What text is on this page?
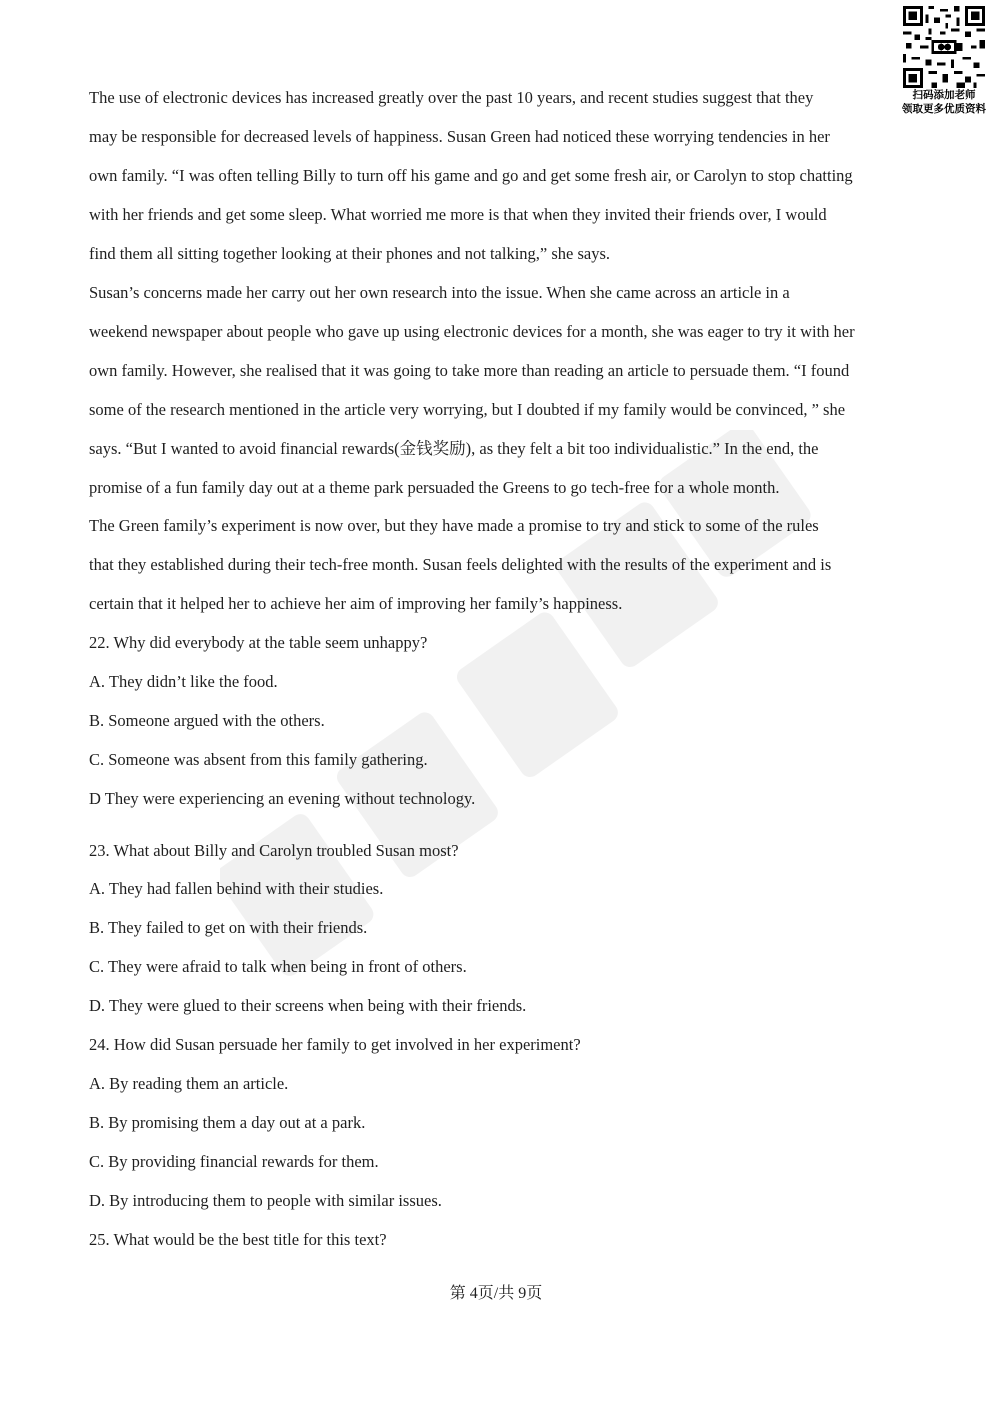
扫码添加老师
领取更多优质资料

The use of electronic devices has increased greatly over the past 10 years, and recent studies suggest that they
may be responsible for decreased levels of happiness. Susan Green had noticed these worrying tendencies in her
own family. “I was often telling Billy to turn off his game and go and get some fresh air, or Carolyn to stop chatting
with her friends and get some sleep. What worried me more is that when they invited their friends over, I would
find them all sitting together looking at their phones and not talking,” she says.

Susan’s concerns made her carry out her own research into the issue. When she came across an article in a
weekend newspaper about people who gave up using electronic devices for a month, she was eager to try it with her
own family. However, she realised that it was going to take more than reading an article to persuade them. “I found
some of the research mentioned in the article very worrying, but I doubted if my family would be convinced, ” she
says. “But I wanted to avoid financial rewards(金钱奖励), as they felt a bit too individualistic.” In the end, the
promise of a fun family day out at a theme park persuaded the Greens to go tech-free for a whole month.

The Green family’s experiment is now over, but they have made a promise to try and stick to some of the rules
that they established during their tech-free month. Susan feels delighted with the results of the experiment and is
certain that it helped her to achieve her aim of improving her family’s happiness.

22. Why did everybody at the table seem unhappy?

A. They didn’t like the food.

B. Someone argued with the others.

C. Someone was absent from this family gathering.

D They were experiencing an evening without technology.

23. What about Billy and Carolyn troubled Susan most?

A. They had fallen behind with their studies.

B. They failed to get on with their friends.

C. They were afraid to talk when being in front of others.

D. They were glued to their screens when being with their friends.

24. How did Susan persuade her family to get involved in her experiment?

A. By reading them an article.

B. By promising them a day out at a park.

C. By providing financial rewards for them.

D. By introducing them to people with similar issues.

25. What would be the best title for this text?

第 4页/共 9页
